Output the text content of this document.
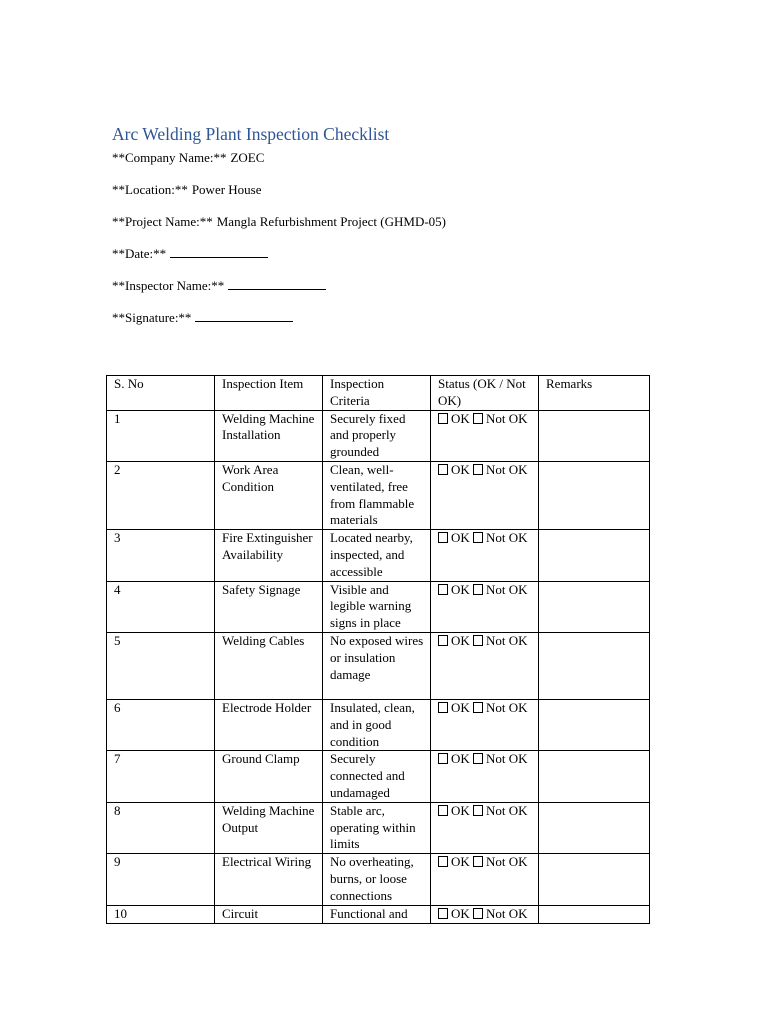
Arc Welding Plant Inspection Checklist
**Company Name:** ZOEC
**Location:** Power House
**Project Name:** Mangla Refurbishment Project (GHMD-05)
**Date:**
**Inspector Name:**
**Signature:**
S. No	Inspection Item	Inspection Criteria	Status (OK / Not OK)	Remarks
1	Welding Machine Installation	Securely fixed and properly grounded	OK Not OK	
2	Work Area Condition	Clean, well-ventilated, free from flammable materials	OK Not OK	
3	Fire Extinguisher Availability	Located nearby, inspected, and accessible	OK Not OK	
4	Safety Signage	Visible and legible warning signs in place	OK Not OK	
5	Welding Cables	No exposed wires or insulation damage	OK Not OK	
6	Electrode Holder	Insulated, clean, and in good condition	OK Not OK	
7	Ground Clamp	Securely connected and undamaged	OK Not OK	
8	Welding Machine Output	Stable arc, operating within limits	OK Not OK	
9	Electrical Wiring	No overheating, burns, or loose connections	OK Not OK	
10	Circuit	Functional and	OK Not OK	
